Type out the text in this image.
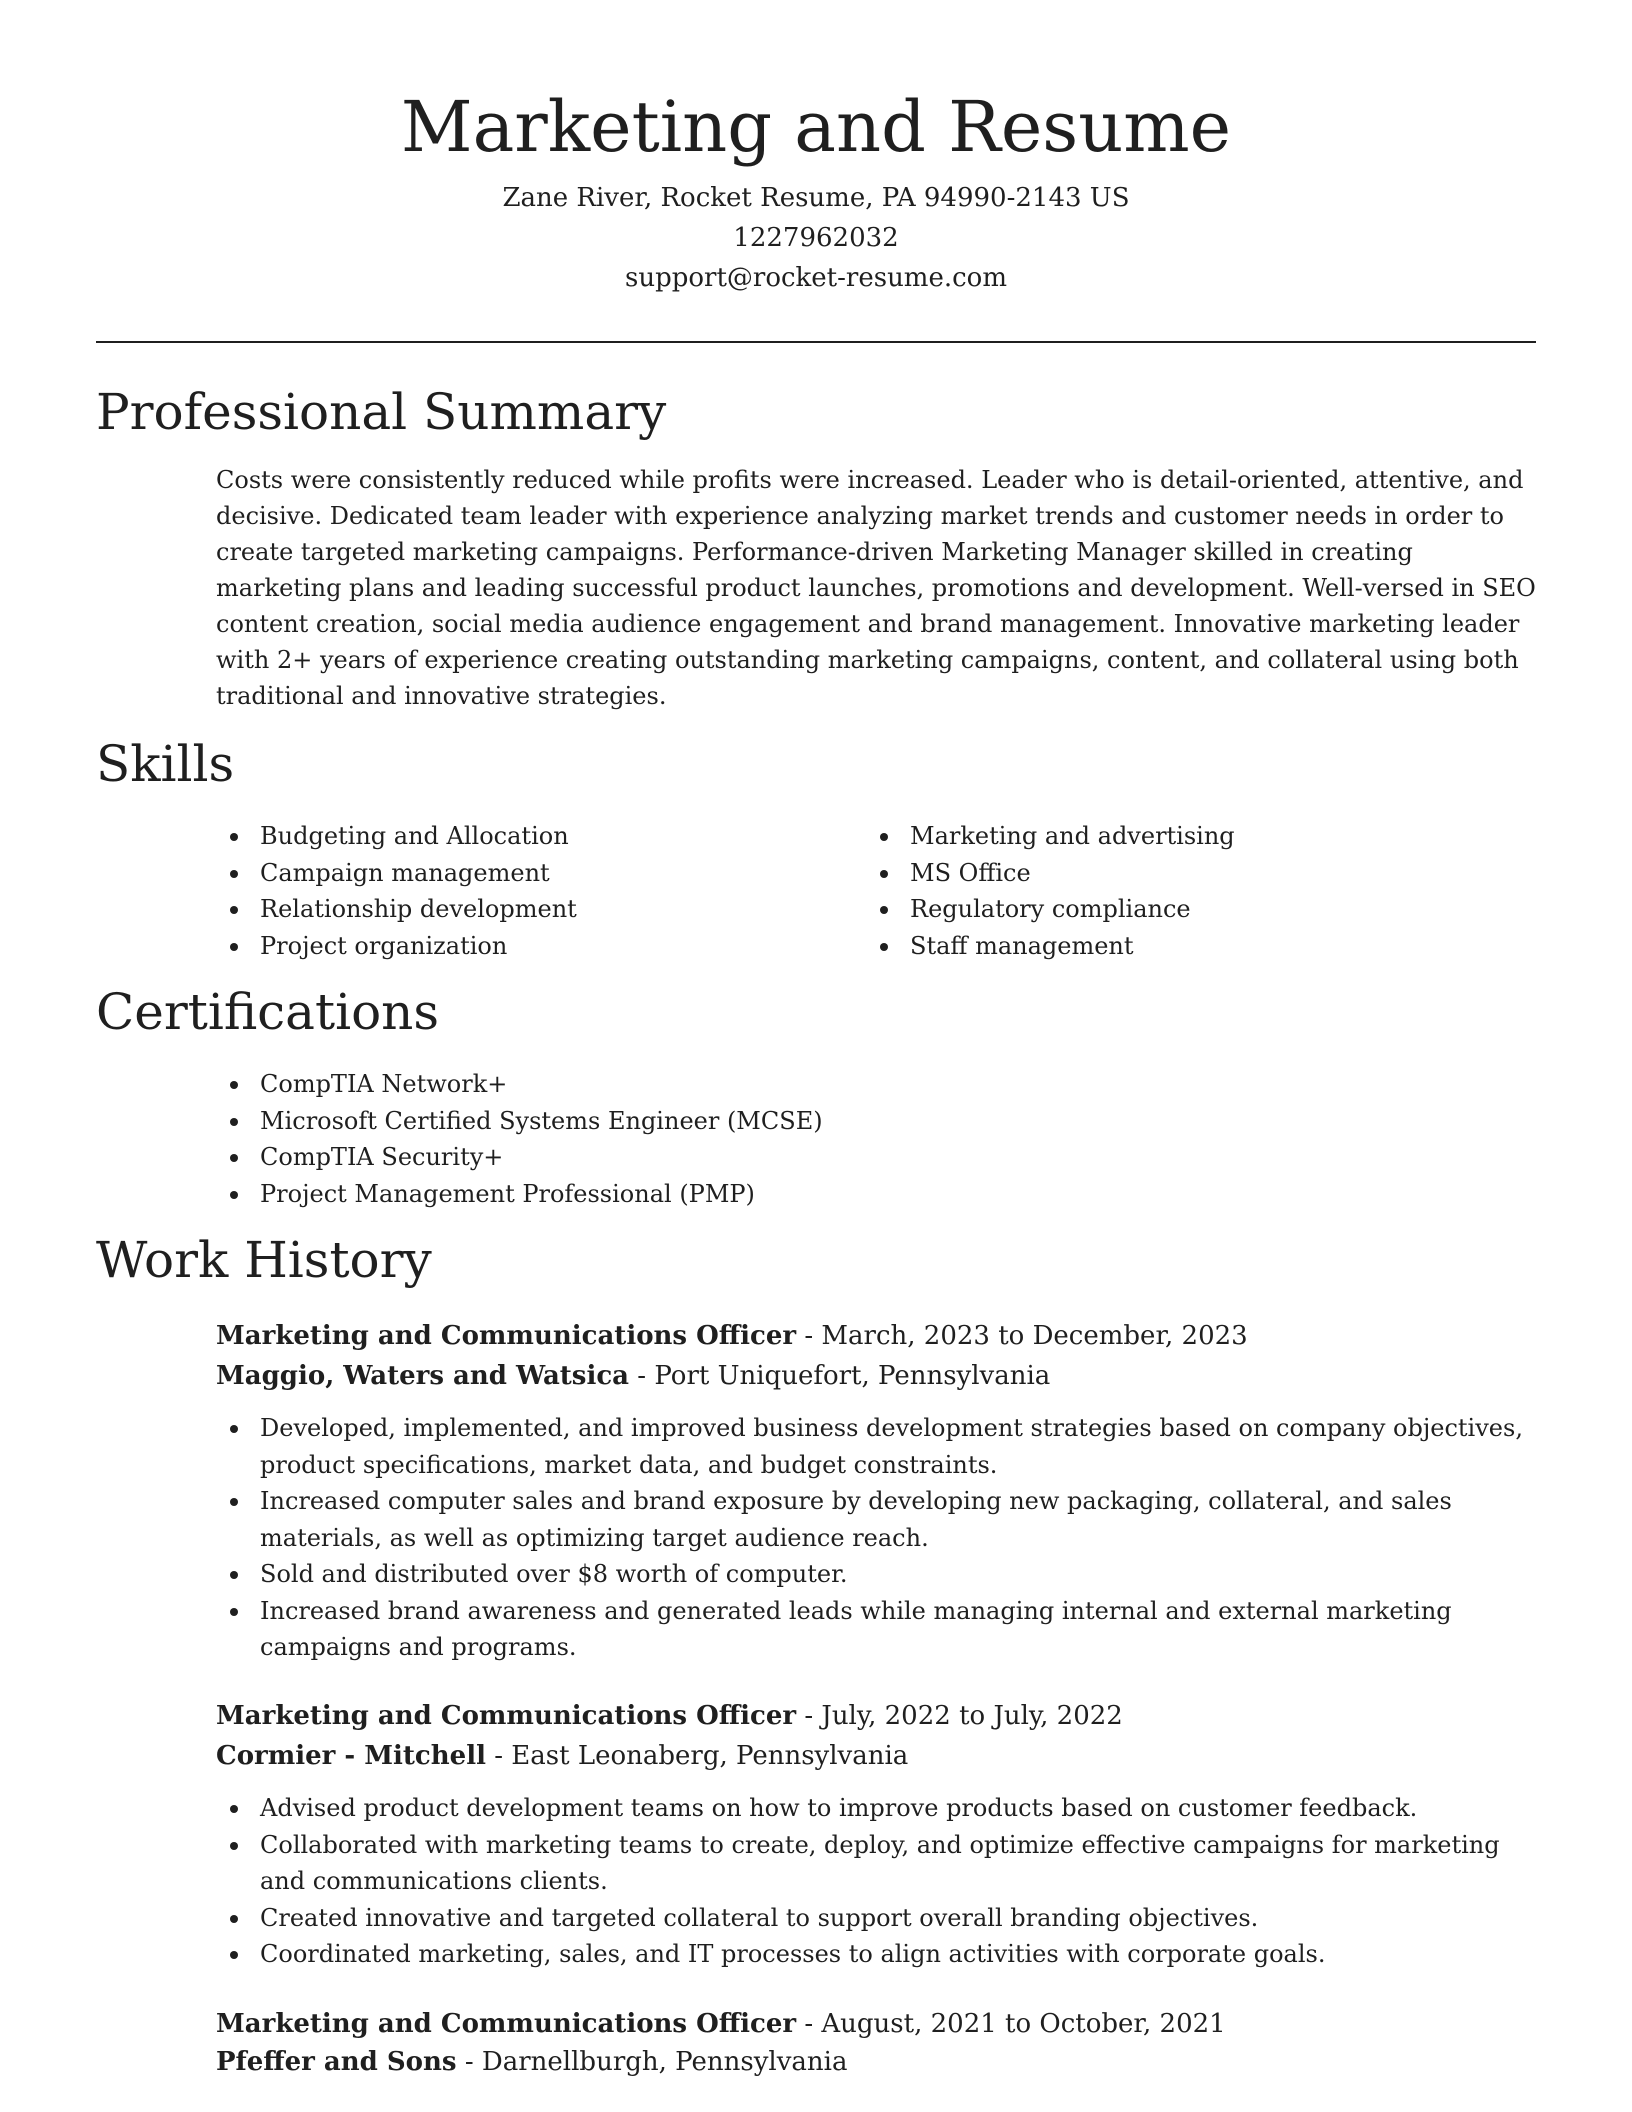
Marketing and Resume
Zane River, Rocket Resume, PA 94990-2143 US
1227962032
support@rocket-resume.com
Professional Summary

Costs were consistently reduced while profits were increased. Leader who is detail-oriented, attentive, and decisive. Dedicated team leader with experience analyzing market trends and customer needs in order to create targeted marketing campaigns. Performance-driven Marketing Manager skilled in creating marketing plans and leading successful product launches, promotions and development. Well-versed in SEO content creation, social media audience engagement and brand management. Innovative marketing leader with 2+ years of experience creating outstanding marketing campaigns, content, and collateral using both traditional and innovative strategies.

Skills
Budgeting and Allocation
Campaign management
Relationship development
Project organization
Marketing and advertising
MS Office
Regulatory compliance
Staff management
Certifications
CompTIA Network+
Microsoft Certified Systems Engineer (MCSE)
CompTIA Security+
Project Management Professional (PMP)
Work History
Marketing and Communications Officer - March, 2023 to December, 2023
Maggio, Waters and Watsica - Port Uniquefort, Pennsylvania
Developed, implemented, and improved business development strategies based on company objectives, product specifications, market data, and budget constraints.
Increased computer sales and brand exposure by developing new packaging, collateral, and sales materials, as well as optimizing target audience reach.
Sold and distributed over $8 worth of computer.
Increased brand awareness and generated leads while managing internal and external marketing campaigns and programs.
Marketing and Communications Officer - July, 2022 to July, 2022
Cormier - Mitchell - East Leonaberg, Pennsylvania
Advised product development teams on how to improve products based on customer feedback.
Collaborated with marketing teams to create, deploy, and optimize effective campaigns for marketing and communications clients.
Created innovative and targeted collateral to support overall branding objectives.
Coordinated marketing, sales, and IT processes to align activities with corporate goals.
Marketing and Communications Officer - August, 2021 to October, 2021
Pfeffer and Sons - Darnellburgh, Pennsylvania
